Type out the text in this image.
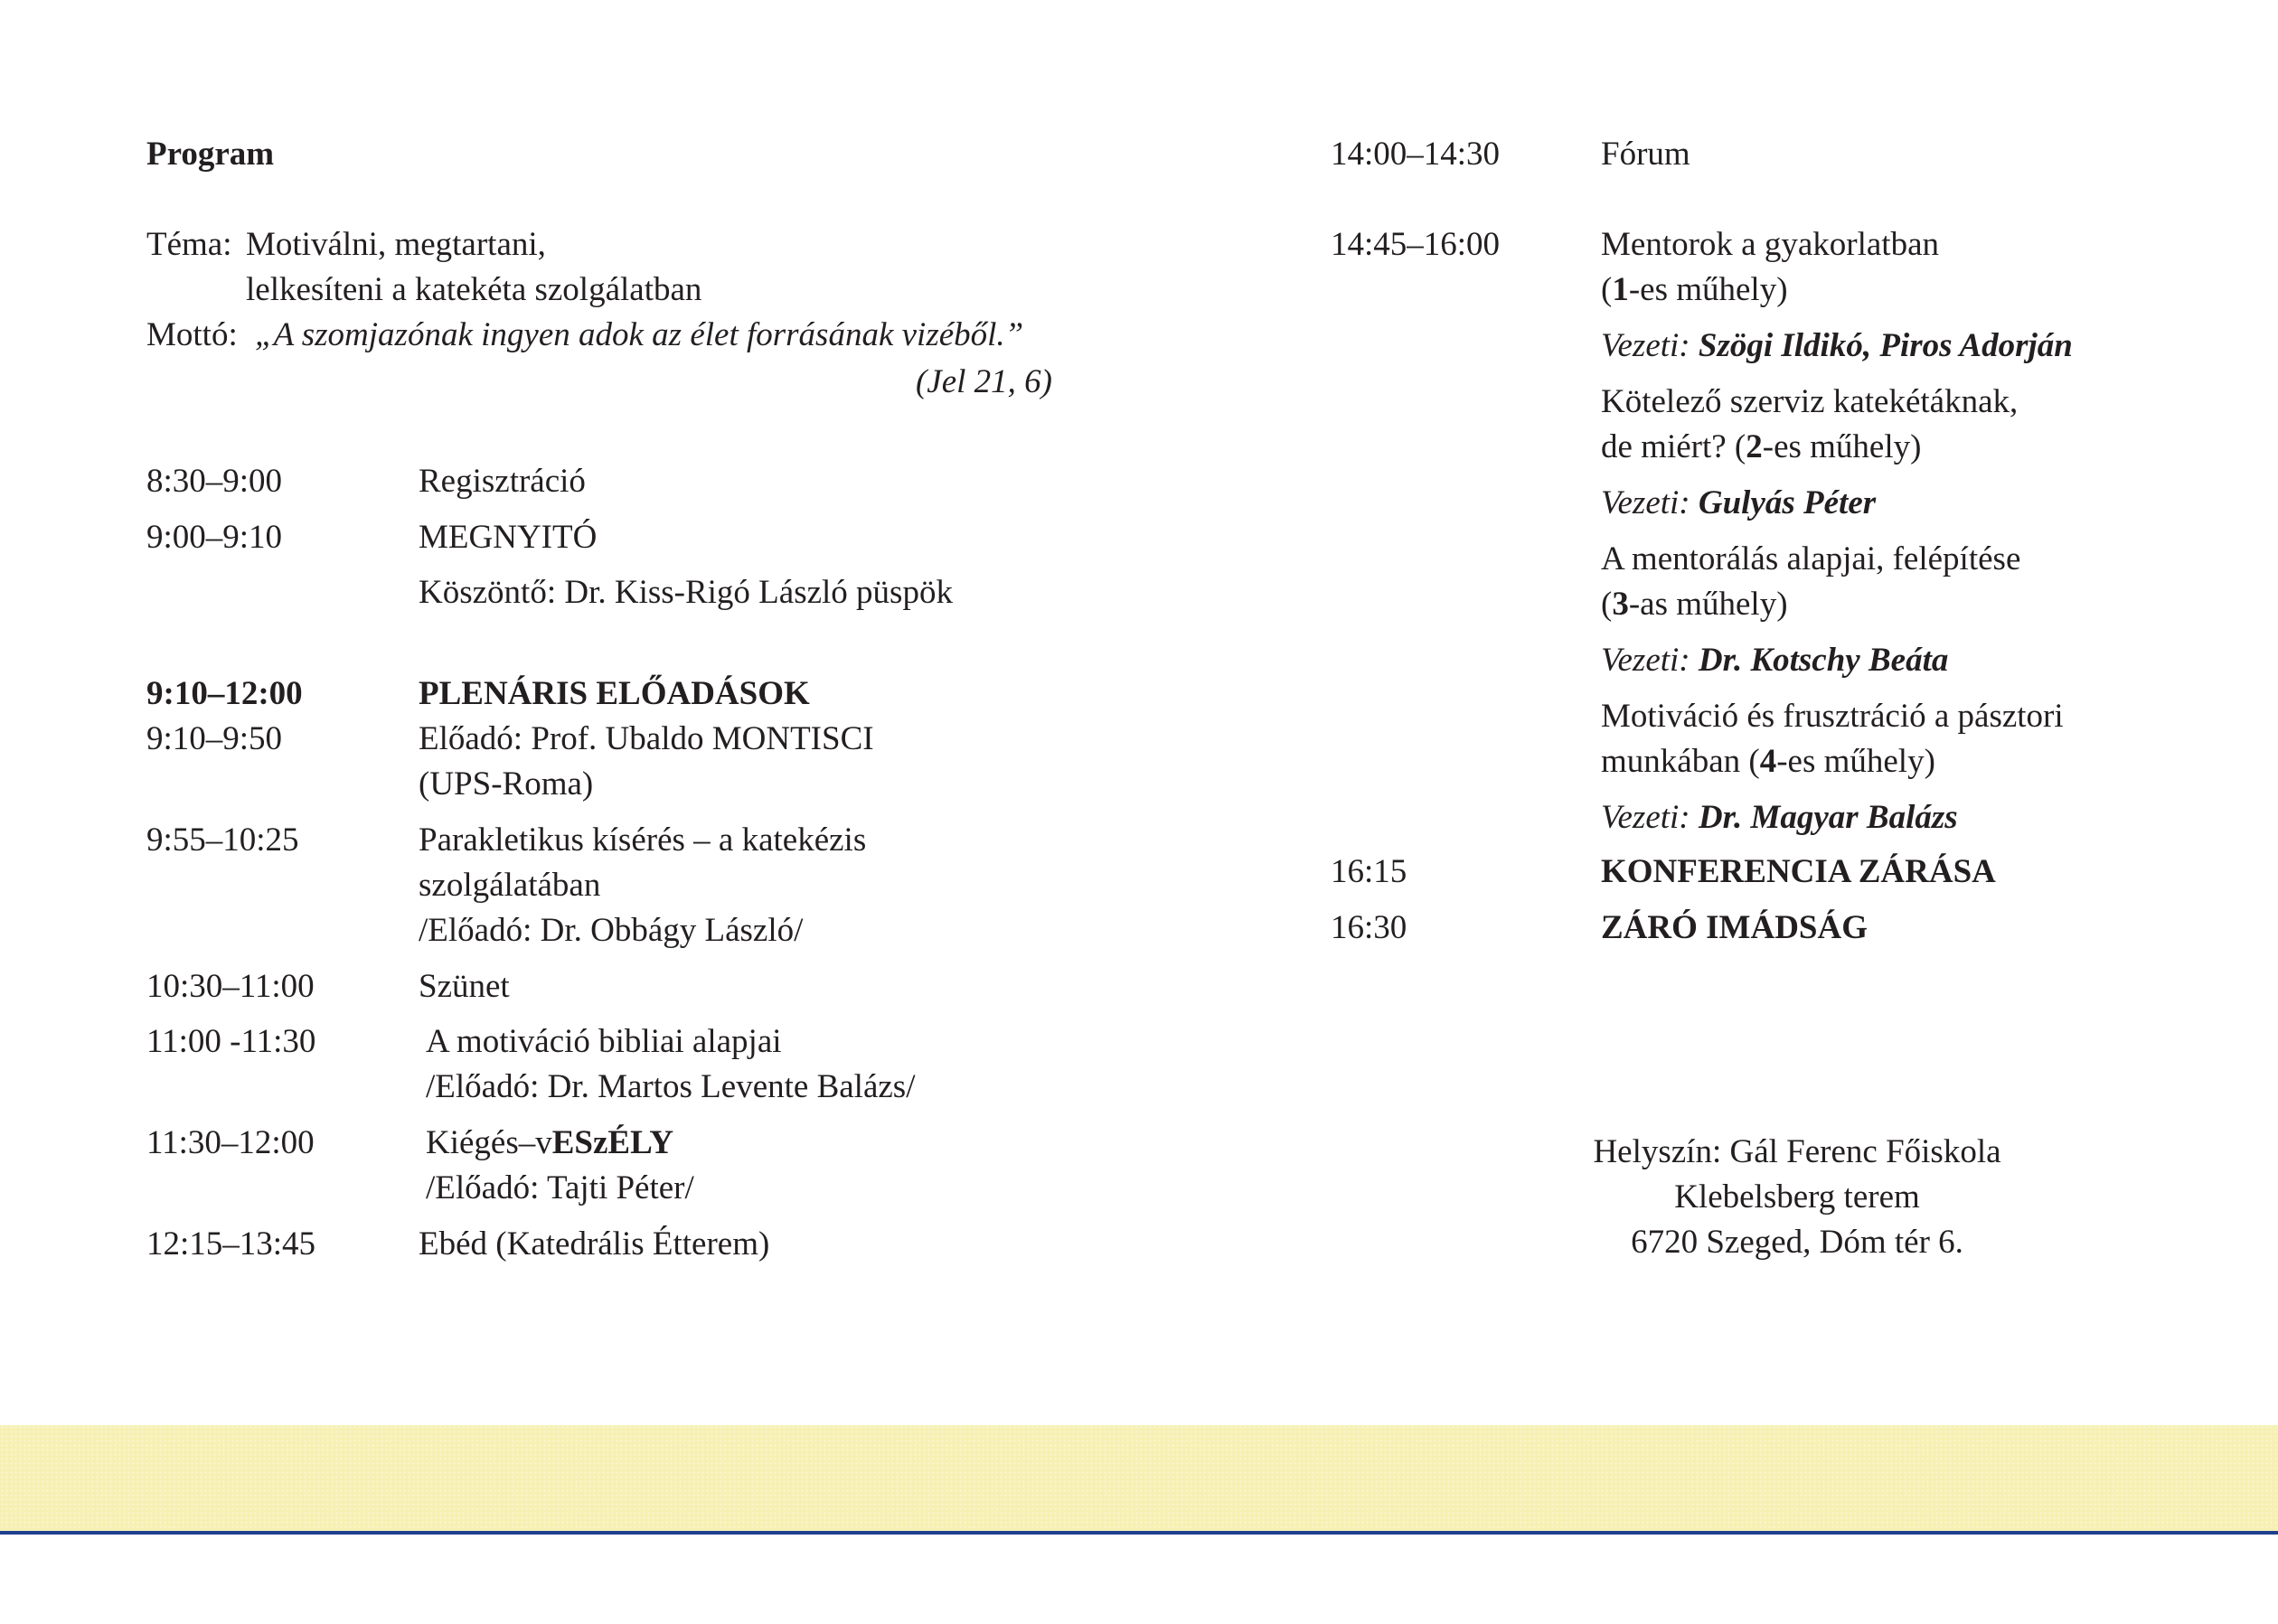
Program
Téma: Motiválni, megtartani,
lelkesíteni a katekéta szolgálatban
Mottó: „A szomjazónak ingyen adok az élet forrásának vizéből.”
(Jel 21, 6)
8:30–9:00	Regisztráció
9:00–9:10	MEGNYITÓ
Köszöntő: Dr. Kiss-Rigó László püspök
9:10–12:00	PLENÁRIS ELŐADÁSOK
9:10–9:50	Előadó: Prof. Ubaldo MONTISCI
(UPS-Roma)
9:55–10:25	Parakletikus kísérés – a katekézis
szolgálatában
/Előadó: Dr. Obbágy László/
10:30–11:00	Szünet
11:00 -11:30	A motiváció bibliai alapjai
/Előadó: Dr. Martos Levente Balázs/
11:30–12:00	Kiégés–vESzÉLY
/Előadó: Tajti Péter/
12:15–13:45	Ebéd (Katedrális Étterem)
14:00–14:30	Fórum
14:45–16:00	Mentorok a gyakorlatban
(1-es műhely)
Vezeti: Szögi Ildikó, Piros Adorján
Kötelező szerviz katekétáknak,
de miért? (2-es műhely)
Vezeti: Gulyás Péter
A mentorálás alapjai, felépítése
(3-as műhely)
Vezeti: Dr. Kotschy Beáta
Motiváció és frusztráció a pásztori
munkában (4-es műhely)
Vezeti: Dr. Magyar Balázs
16:15	KONFERENCIA ZÁRÁSA
16:30	ZÁRÓ IMÁDSÁG
Helyszín: Gál Ferenc Főiskola
Klebelsberg terem
6720 Szeged, Dóm tér 6.
